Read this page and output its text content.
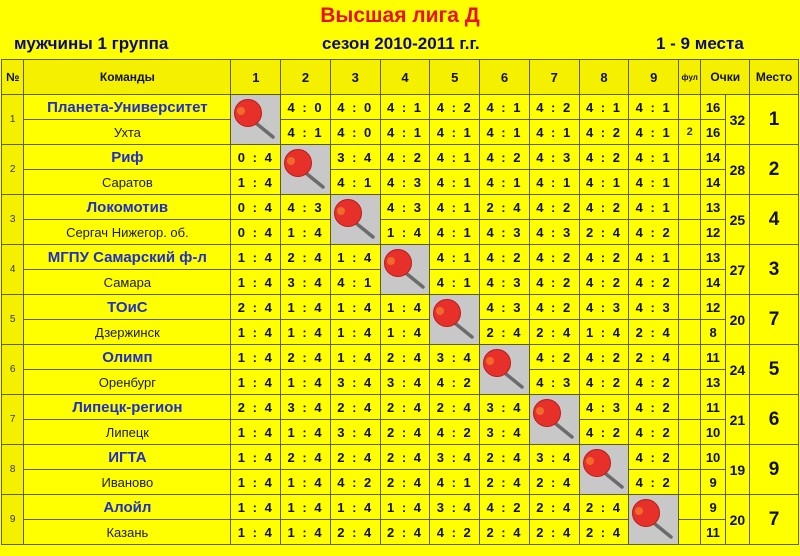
Высшая лига Д
мужчины 1 группа	сезон 2010-2011 г.г.	1 - 9 места
№	Команды	1	2	3	4	5	6	7	8	9	фул	Очки		Место
1	Планета-Университет		4 : 0	4 : 0	4 : 1	4 : 2	4 : 1	4 : 2	4 : 1	4 : 1		16	32	1
	Ухта		4 : 1	4 : 0	4 : 1	4 : 1	4 : 1	4 : 1	4 : 2	4 : 1	2	16		
2	Риф	0 : 4		3 : 4	4 : 2	4 : 1	4 : 2	4 : 3	4 : 2	4 : 1		14	28	2
	Саратов	1 : 4		4 : 1	4 : 3	4 : 1	4 : 1	4 : 1	4 : 1	4 : 1		14		
3	Локомотив	0 : 4	4 : 3		4 : 3	4 : 1	2 : 4	4 : 2	4 : 2	4 : 1		13	25	4
	Сергач Нижегор. об.	0 : 4	1 : 4		1 : 4	4 : 1	4 : 3	4 : 3	2 : 4	4 : 2		12		
4	МГПУ Самарский ф-л	1 : 4	2 : 4	1 : 4		4 : 1	4 : 2	4 : 2	4 : 2	4 : 1		13	27	3
	Самара	1 : 4	3 : 4	4 : 1		4 : 1	4 : 3	4 : 2	4 : 2	4 : 2		14		
5	ТОиС	2 : 4	1 : 4	1 : 4	1 : 4		4 : 3	4 : 2	4 : 3	4 : 3		12	20	7
	Дзержинск	1 : 4	1 : 4	1 : 4	1 : 4		2 : 4	2 : 4	1 : 4	2 : 4		8		
6	Олимп	1 : 4	2 : 4	1 : 4	2 : 4	3 : 4		4 : 2	4 : 2	2 : 4		11	24	5
	Оренбург	1 : 4	1 : 4	3 : 4	3 : 4	4 : 2		4 : 3	4 : 2	4 : 2		13		
7	Липецк-регион	2 : 4	3 : 4	2 : 4	2 : 4	2 : 4	3 : 4		4 : 3	4 : 2		11	21	6
	Липецк	1 : 4	1 : 4	3 : 4	2 : 4	4 : 2	3 : 4		4 : 2	4 : 2		10		
8	ИГТА	1 : 4	2 : 4	2 : 4	2 : 4	3 : 4	2 : 4	3 : 4		4 : 2		10	19	9
	Иваново	1 : 4	1 : 4	4 : 2	2 : 4	4 : 1	2 : 4	2 : 4		4 : 2		9		
9	Алойл	1 : 4	1 : 4	1 : 4	1 : 4	3 : 4	4 : 2	2 : 4	2 : 4			9	20	7
	Казань	1 : 4	1 : 4	2 : 4	2 : 4	4 : 2	2 : 4	2 : 4	2 : 4			11		
